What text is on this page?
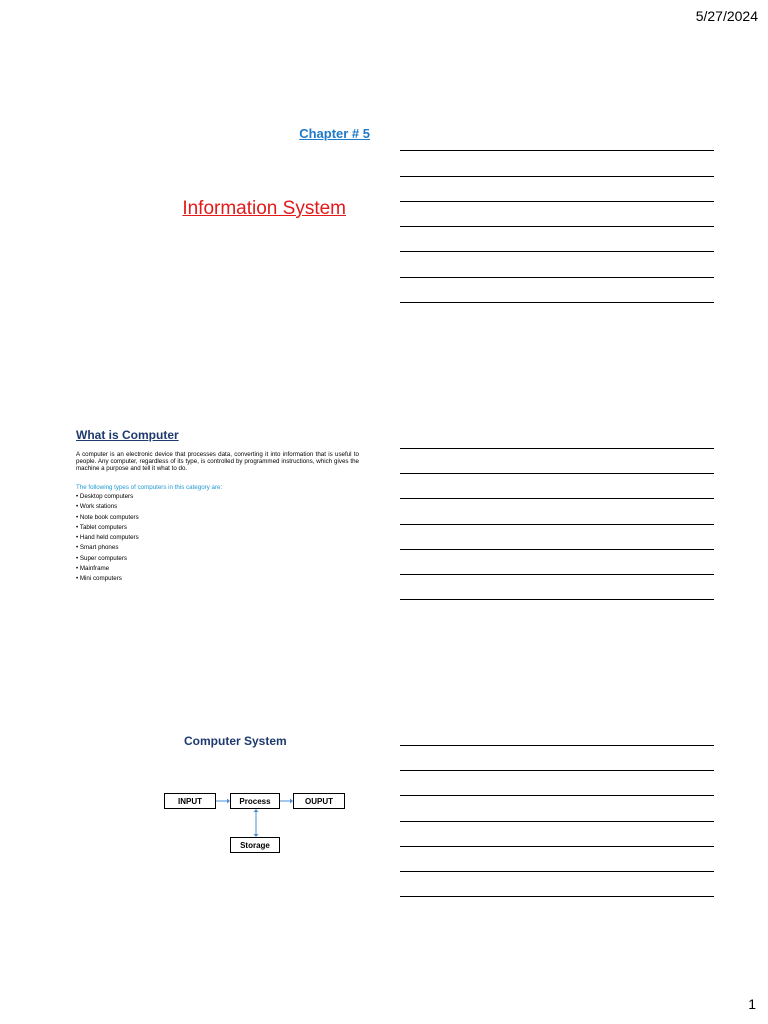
5/27/2024
Chapter # 5
Information System
What is Computer
A computer is an electronic device that processes data, converting it into information that is useful to people. Any computer, regardless of its type, is controlled by programmed instructions, which gives the machine a purpose and tell it what to do.
The following types of computers in this category are:
• Desktop computers
• Work stations
• Note book computers
• Tablet computers
• Hand held computers
• Smart phones
• Super computers
• Mainframe
• Mini computers
Computer System
INPUT	Process	OUPUT
Storage
1
